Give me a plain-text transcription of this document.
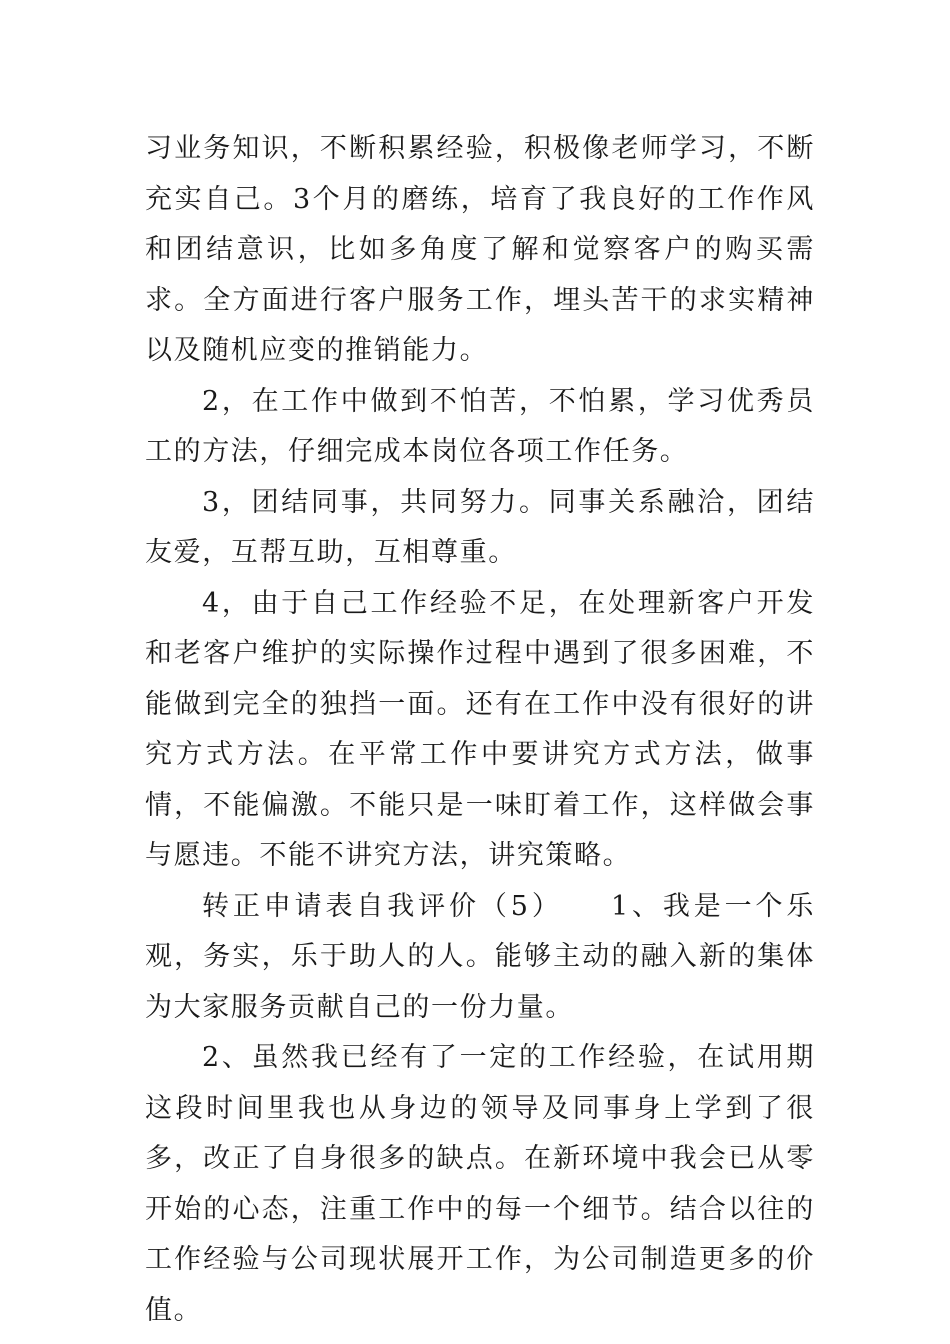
习业务知识，不断积累经验，积极像老师学习，不断充实自己。3个月的磨练，培育了我良好的工作作风和团结意识，比如多角度了解和觉察客户的购买需求。全方面进行客户服务工作，埋头苦干的求实精神以及随机应变的推销能力。

2，在工作中做到不怕苦，不怕累，学习优秀员工的方法，仔细完成本岗位各项工作任务。

3，团结同事，共同努力。同事关系融洽，团结友爱，互帮互助，互相尊重。

4，由于自己工作经验不足，在处理新客户开发和老客户维护的实际操作过程中遇到了很多困难，不能做到完全的独挡一面。还有在工作中没有很好的讲究方式方法。在平常工作中要讲究方式方法，做事情，不能偏激。不能只是一味盯着工作，这样做会事与愿违。不能不讲究方法，讲究策略。

转正申请表自我评价（5）　　1、我是一个乐观，务实，乐于助人的人。能够主动的融入新的集体为大家服务贡献自己的一份力量。

2、虽然我已经有了一定的工作经验，在试用期这段时间里我也从身边的领导及同事身上学到了很多，改正了自身很多的缺点。在新环境中我会已从零开始的心态，注重工作中的每一个细节。结合以往的工作经验与公司现状展开工作，为公司制造更多的价值。
